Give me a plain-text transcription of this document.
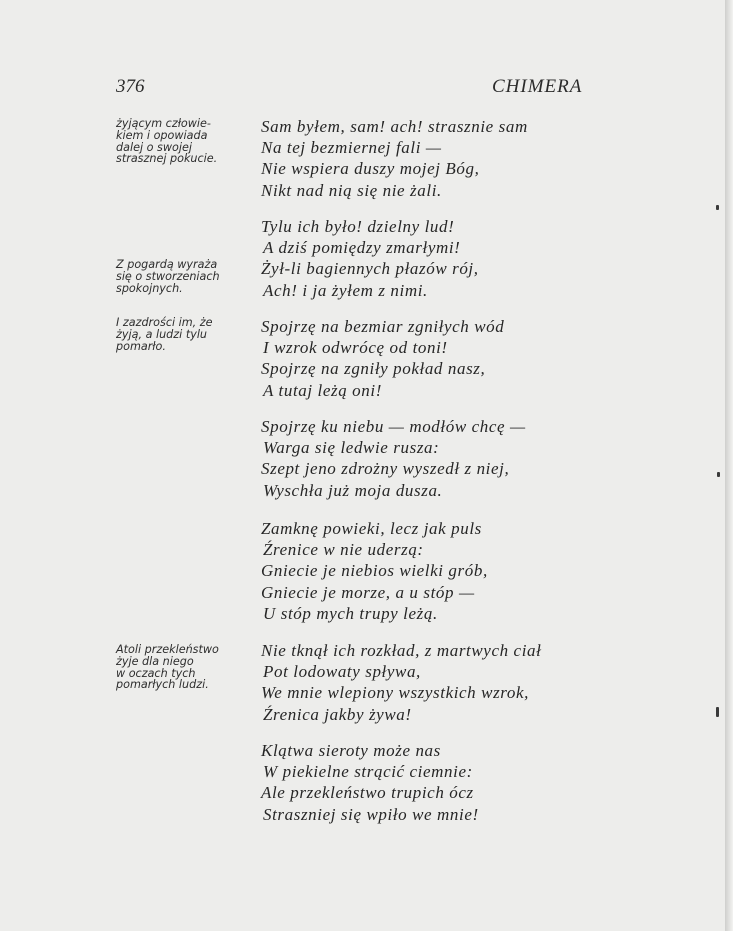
376	CHIMERA
żyjącym człowie-
kiem i opowiada
dalej o swojej
strasznej pokucie.
Z pogardą wyraża
się o stworzeniach
spokojnych.
I zazdrości im, że
żyją, a ludzi tylu
pomarło.
Atoli przekleństwo
żyje dla niego
w oczach tych
pomarłych ludzi.
Sam byłem, sam! ach! strasznie sam
Na tej bezmiernej fali —
Nie wspiera duszy mojej Bóg,
Nikt nad nią się nie żali.
Tylu ich było! dzielny lud!
A dziś pomiędzy zmarłymi!
Żył-li bagiennych płazów rój,
Ach! i ja żyłem z nimi.
Spojrzę na bezmiar zgniłych wód
I wzrok odwrócę od toni!
Spojrzę na zgniły pokład nasz,
A tutaj leżą oni!
Spojrzę ku niebu — modłów chcę —
Warga się ledwie rusza:
Szept jeno zdrożny wyszedł z niej,
Wyschła już moja dusza.
Zamknę powieki, lecz jak puls
Źrenice w nie uderzą:
Gniecie je niebios wielki grób,
Gniecie je morze, a u stóp —
U stóp mych trupy leżą.
Nie tknął ich rozkład, z martwych ciał
Pot lodowaty spływa,
We mnie wlepiony wszystkich wzrok,
Źrenica jakby żywa!
Klątwa sieroty może nas
W piekielne strącić ciemnie:
Ale przekleństwo trupich ócz
Straszniej się wpiło we mnie!
